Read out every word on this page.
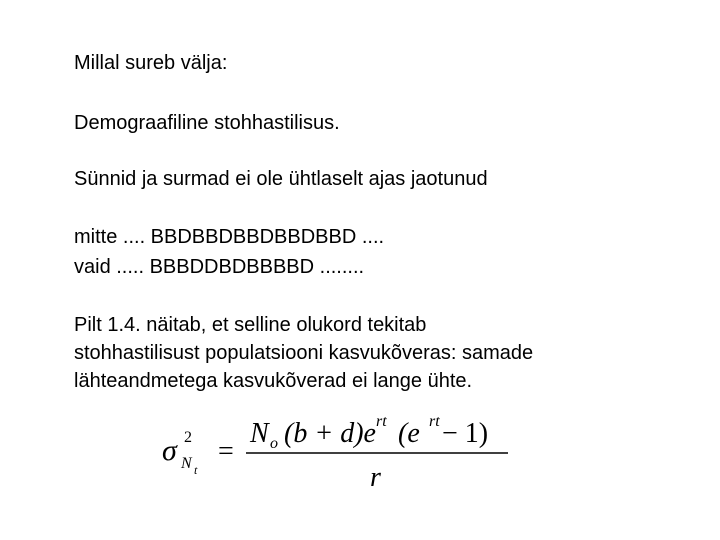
Millal sureb välja:

Demograafiline stohhastilisus.

Sünnid ja surmad ei ole ühtlaselt ajas jaotunud

mitte .... BBDBBDBBDBBDBBD ....

vaid ..... BBBDDBDBBBBD ........

Pilt 1.4. näitab, et selline olukord tekitab

stohhastilisust populatsiooni kasvukõveras: samade

lähteandmetega kasvukõverad ei lange ühte.

σ 2
N t
=
N o (b + d)e rt (e rt − 1)
r
